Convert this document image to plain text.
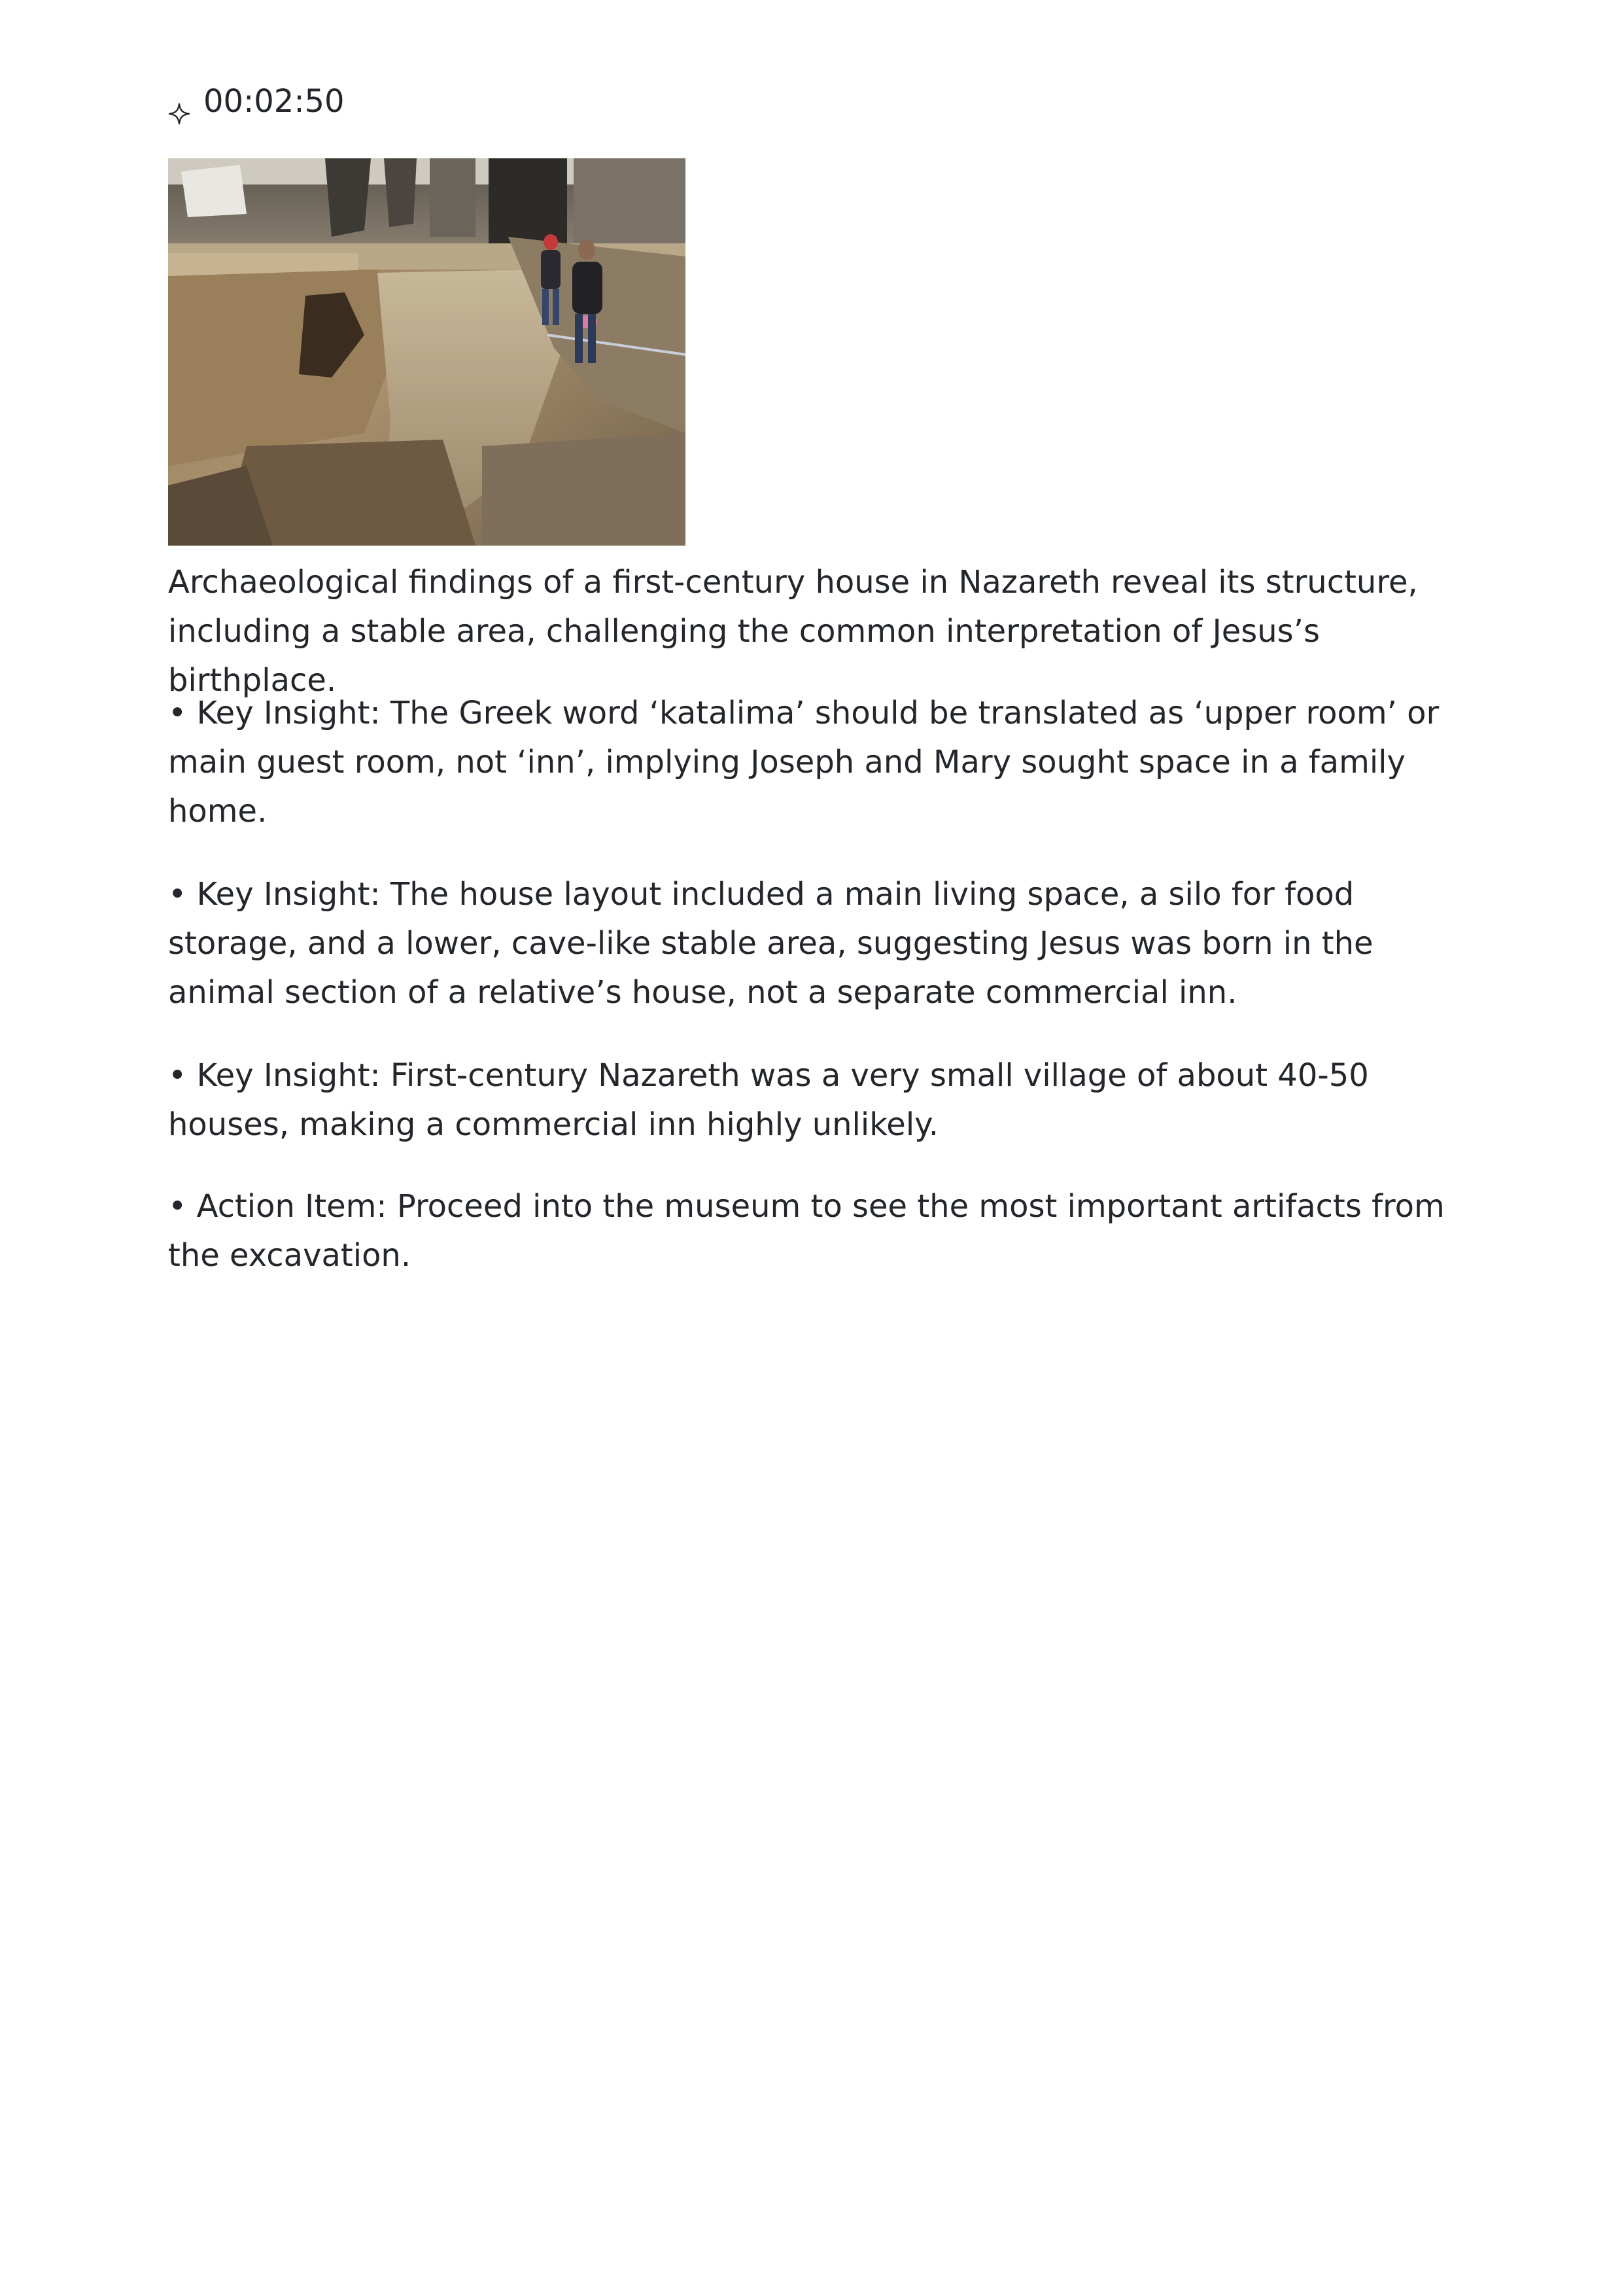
00:02:50

Archaeological findings of a first-century house in Nazareth reveal its structure, including a stable area, challenging the common interpretation of Jesus’s birthplace.

• Key Insight: The Greek word ‘katalima’ should be translated as ‘upper room’ or main guest room, not ‘inn’, implying Joseph and Mary sought space in a family home.

• Key Insight: The house layout included a main living space, a silo for food storage, and a lower, cave-like stable area, suggesting Jesus was born in the animal section of a relative’s house, not a separate commercial inn.

• Key Insight: First-century Nazareth was a very small village of about 40-50 houses, making a commercial inn highly unlikely.

• Action Item: Proceed into the museum to see the most important artifacts from the excavation.
